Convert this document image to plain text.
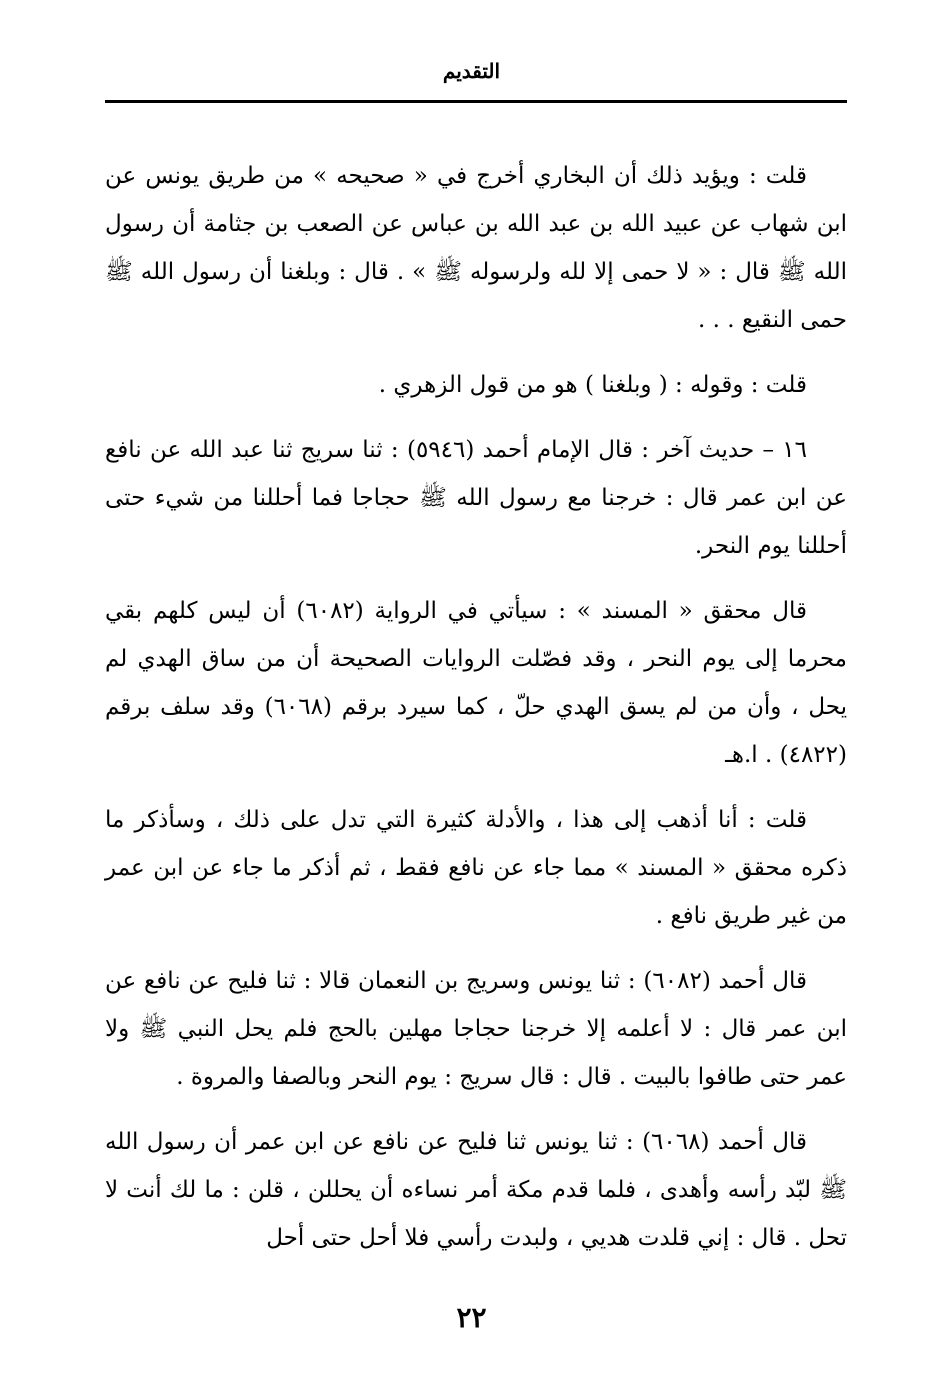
التقديم

قلت : ويؤيد ذلك أن البخاري أخرج في « صحيحه » من طريق يونس عن ابن شهاب عن عبيد الله بن عبد الله بن عباس عن الصعب بن جثامة أن رسول الله ﷺ قال : « لا حمى إلا لله ولرسوله ﷺ » . قال : وبلغنا أن رسول الله ﷺ حمى النقيع . . .

قلت : وقوله : ( وبلغنا ) هو من قول الزهري .

١٦ – حديث آخر : قال الإمام أحمد (٥٩٤٦) : ثنا سريج ثنا عبد الله عن نافع عن ابن عمر قال : خرجنا مع رسول الله ﷺ حجاجا فما أحللنا من شيء حتى أحللنا يوم النحر.

قال محقق « المسند » : سيأتي في الرواية (٦٠٨٢) أن ليس كلهم بقي محرما إلى يوم النحر ، وقد فصّلت الروايات الصحيحة أن من ساق الهدي لم يحل ، وأن من لم يسق الهدي حلّ ، كما سيرد برقم (٦٠٦٨) وقد سلف برقم (٤٨٢٢) . ا.هـ

قلت : أنا أذهب إلى هذا ، والأدلة كثيرة التي تدل على ذلك ، وسأذكر ما ذكره محقق « المسند » مما جاء عن نافع فقط ، ثم أذكر ما جاء عن ابن عمر من غير طريق نافع .

قال أحمد (٦٠٨٢) : ثنا يونس وسريج بن النعمان قالا : ثنا فليح عن نافع عن ابن عمر قال : لا أعلمه إلا خرجنا حجاجا مهلين بالحج فلم يحل النبي ﷺ ولا عمر حتى طافوا بالبيت . قال : قال سريج : يوم النحر وبالصفا والمروة .

قال أحمد (٦٠٦٨) : ثنا يونس ثنا فليح عن نافع عن ابن عمر أن رسول الله ﷺ لبّد رأسه وأهدى ، فلما قدم مكة أمر نساءه أن يحللن ، قلن : ما لك أنت لا تحل . قال : إني قلدت هديي ، ولبدت رأسي فلا أحل حتى أحل

٢٢
